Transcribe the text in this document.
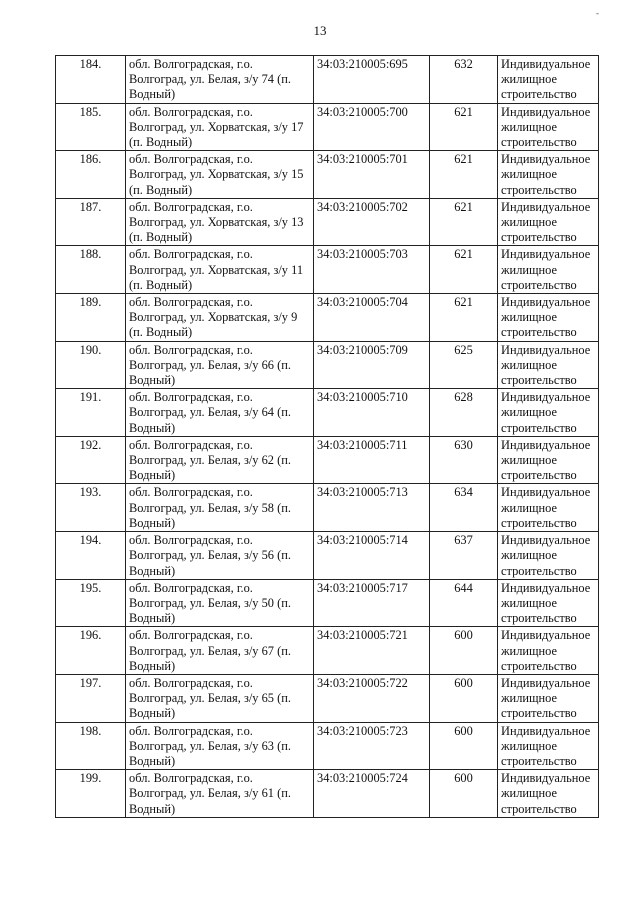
13
-
184.	обл. Волгоградская, г.о. Волгоград, ул. Белая, з/у 74 (п. Водный)	34:03:210005:695	632	Индивидуальное жилищное строительство
185.	обл. Волгоградская, г.о. Волгоград, ул. Хорватская, з/у 17 (п. Водный)	34:03:210005:700	621	Индивидуальное жилищное строительство
186.	обл. Волгоградская, г.о. Волгоград, ул. Хорватская, з/у 15 (п. Водный)	34:03:210005:701	621	Индивидуальное жилищное строительство
187.	обл. Волгоградская, г.о. Волгоград, ул. Хорватская, з/у 13 (п. Водный)	34:03:210005:702	621	Индивидуальное жилищное строительство
188.	обл. Волгоградская, г.о. Волгоград, ул. Хорватская, з/у 11 (п. Водный)	34:03:210005:703	621	Индивидуальное жилищное строительство
189.	обл. Волгоградская, г.о. Волгоград, ул. Хорватская, з/у 9 (п. Водный)	34:03:210005:704	621	Индивидуальное жилищное строительство
190.	обл. Волгоградская, г.о. Волгоград, ул. Белая, з/у 66 (п. Водный)	34:03:210005:709	625	Индивидуальное жилищное строительство
191.	обл. Волгоградская, г.о. Волгоград, ул. Белая, з/у 64 (п. Водный)	34:03:210005:710	628	Индивидуальное жилищное строительство
192.	обл. Волгоградская, г.о. Волгоград, ул. Белая, з/у 62 (п. Водный)	34:03:210005:711	630	Индивидуальное жилищное строительство
193.	обл. Волгоградская, г.о. Волгоград, ул. Белая, з/у 58 (п. Водный)	34:03:210005:713	634	Индивидуальное жилищное строительство
194.	обл. Волгоградская, г.о. Волгоград, ул. Белая, з/у 56 (п. Водный)	34:03:210005:714	637	Индивидуальное жилищное строительство
195.	обл. Волгоградская, г.о. Волгоград, ул. Белая, з/у 50 (п. Водный)	34:03:210005:717	644	Индивидуальное жилищное строительство
196.	обл. Волгоградская, г.о. Волгоград, ул. Белая, з/у 67 (п. Водный)	34:03:210005:721	600	Индивидуальное жилищное строительство
197.	обл. Волгоградская, г.о. Волгоград, ул. Белая, з/у 65 (п. Водный)	34:03:210005:722	600	Индивидуальное жилищное строительство
198.	обл. Волгоградская, г.о. Волгоград, ул. Белая, з/у 63 (п. Водный)	34:03:210005:723	600	Индивидуальное жилищное строительство
199.	обл. Волгоградская, г.о. Волгоград, ул. Белая, з/у 61 (п. Водный)	34:03:210005:724	600	Индивидуальное жилищное строительство
